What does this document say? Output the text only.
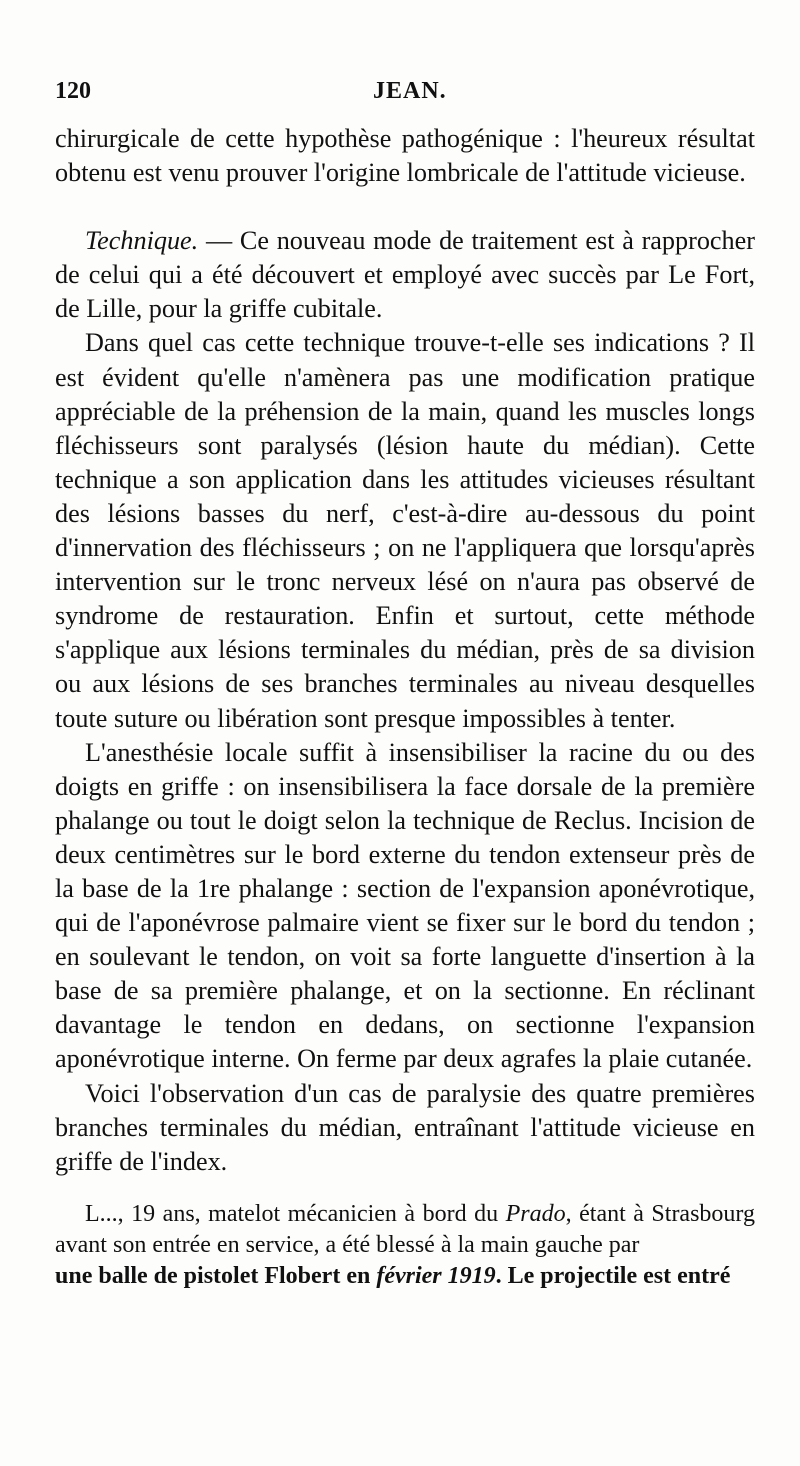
120	JEAN.

chirurgicale de cette hypothèse pathogénique : l'heureux résultat obtenu est venu prouver l'origine lombricale de l'attitude vicieuse.

Technique. — Ce nouveau mode de traitement est à rapprocher de celui qui a été découvert et employé avec succès par Le Fort, de Lille, pour la griffe cubitale.

Dans quel cas cette technique trouve-t-elle ses indications ? Il est évident qu'elle n'amènera pas une modification pratique appréciable de la préhension de la main, quand les muscles longs fléchisseurs sont paralysés (lésion haute du médian). Cette technique a son application dans les attitudes vicieuses résultant des lésions basses du nerf, c'est-à-dire au-dessous du point d'innervation des fléchisseurs ; on ne l'appliquera que lorsqu'après intervention sur le tronc nerveux lésé on n'aura pas observé de syndrome de restauration. Enfin et surtout, cette méthode s'applique aux lésions terminales du médian, près de sa division ou aux lésions de ses branches terminales au niveau desquelles toute suture ou libération sont presque impossibles à tenter.

L'anesthésie locale suffit à insensibiliser la racine du ou des doigts en griffe : on insensibilisera la face dorsale de la première phalange ou tout le doigt selon la technique de Reclus. Incision de deux centimètres sur le bord externe du tendon extenseur près de la base de la 1re phalange : section de l'expansion aponévrotique, qui de l'aponévrose palmaire vient se fixer sur le bord du tendon ; en soulevant le tendon, on voit sa forte languette d'insertion à la base de sa première phalange, et on la sectionne. En réclinant davantage le tendon en dedans, on sectionne l'expansion aponévrotique interne. On ferme par deux agrafes la plaie cutanée.

Voici l'observation d'un cas de paralysie des quatre premières branches terminales du médian, entraînant l'attitude vicieuse en griffe de l'index.

L..., 19 ans, matelot mécanicien à bord du Prado, étant à Strasbourg avant son entrée en service, a été blessé à la main gauche par

une balle de pistolet Flobert en février 1919. Le projectile est entré
